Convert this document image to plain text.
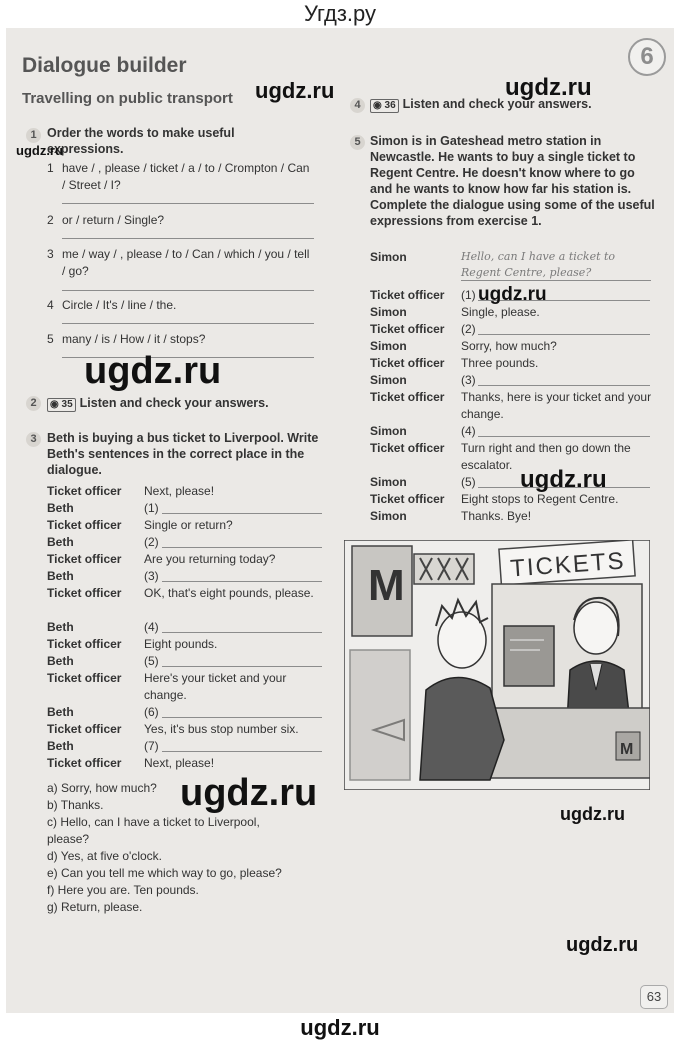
Угдз.ру
6
Dialogue builder
Travelling on public transport
1 Order the words to make useful expressions.
1 have / , please / ticket / a / to / Crompton / Can / Street / I?
2 or / return / Single?
3 me / way / , please / to / Can / which / you / tell / go?
4 Circle / It's / line / the.
5 many / is / How / it / stops?
2	◉ 35 Listen and check your answers.
3 Beth is buying a bus ticket to Liverpool. Write Beth's sentences in the correct place in the dialogue.
Ticket officer Next, please!
Beth	(1)
Ticket officer Single or return?
Beth	(2)
Ticket officer Are you returning today?
Beth	(3)
Ticket officer OK, that's eight pounds, please.
Beth	(4)
Ticket officer Eight pounds.
Beth	(5)
Ticket officer Here's your ticket and your change.
Beth	(6)
Ticket officer Yes, it's bus stop number six.
Beth	(7)
Ticket officer Next, please!
a) Sorry, how much?
b) Thanks.
c) Hello, can I have a ticket to Liverpool, please?
d) Yes, at five o'clock.
e) Can you tell me which way to go, please?
f) Here you are. Ten pounds.
g) Return, please.
4	◉ 36 Listen and check your answers.
5 Simon is in Gateshead metro station in Newcastle. He wants to buy a single ticket to Regent Centre. He doesn't know where to go and he wants to know how far his station is. Complete the dialogue using some of the useful expressions from exercise 1.
Simon	Hello, can I have a ticket to Regent Centre, please?
Ticket officer (1)
Simon	Single, please.
Ticket officer (2)
Simon	Sorry, how much?
Ticket officer Three pounds.
Simon	(3)
Ticket officer Thanks, here is your ticket and your change.
Simon	(4)
Ticket officer Turn right and then go down the escalator.
Simon	(5)
Ticket officer Eight stops to Regent Centre.
Simon	Thanks. Bye!
M	TICKETS
M
ugdz.ru	ugdz.ru
ugdz.ru
ugdz.ru
ugdz.ru
ugdz.ru
ugdz.ru	ugdz.ru
ugdz.ru
63
ugdz.ru
